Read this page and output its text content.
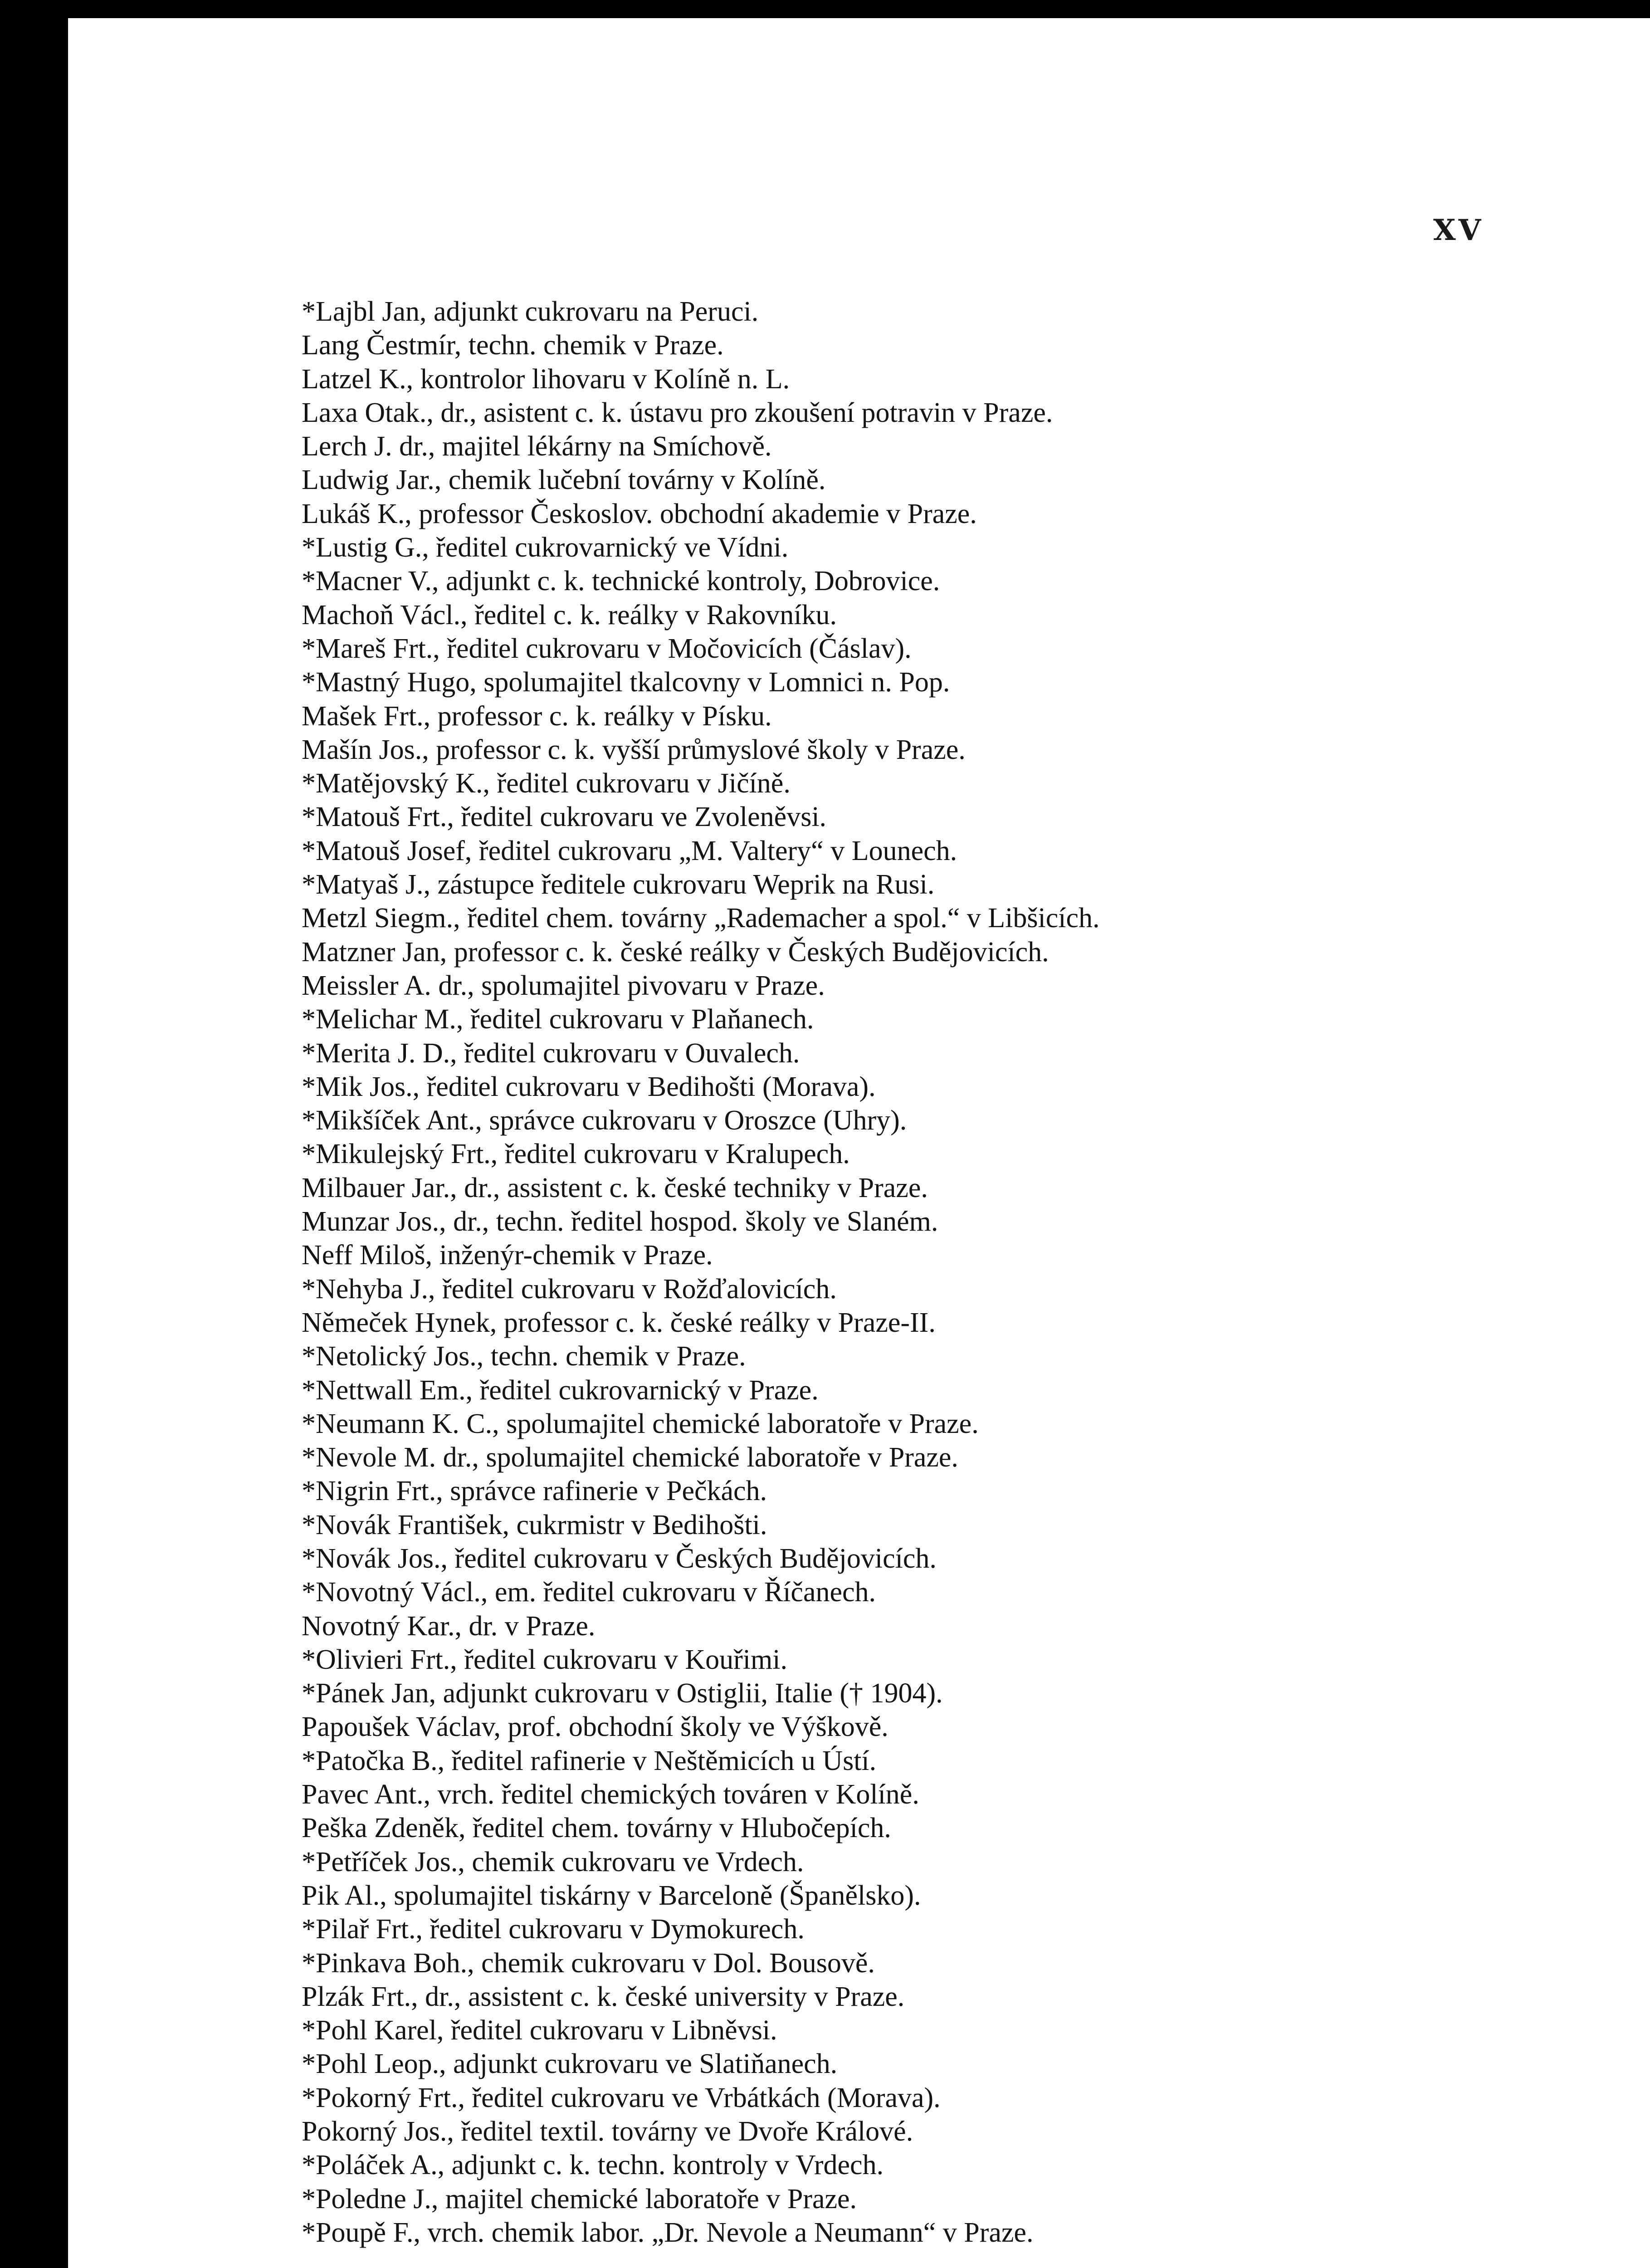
XV
*Lajbl Jan, adjunkt cukrovaru na Peruci.
Lang Čestmír, techn. chemik v Praze.
Latzel K., kontrolor lihovaru v Kolíně n. L.
Laxa Otak., dr., asistent c. k. ústavu pro zkoušení potravin v Praze.
Lerch J. dr., majitel lékárny na Smíchově.
Ludwig Jar., chemik lučební továrny v Kolíně.
Lukáš K., professor Českoslov. obchodní akademie v Praze.
*Lustig G., ředitel cukrovarnický ve Vídni.
*Macner V., adjunkt c. k. technické kontroly, Dobrovice.
Machoň Václ., ředitel c. k. reálky v Rakovníku.
*Mareš Frt., ředitel cukrovaru v Močovicích (Čáslav).
*Mastný Hugo, spolumajitel tkalcovny v Lomnici n. Pop.
Mašek Frt., professor c. k. reálky v Písku.
Mašín Jos., professor c. k. vyšší průmyslové školy v Praze.
*Matějovský K., ředitel cukrovaru v Jičíně.
*Matouš Frt., ředitel cukrovaru ve Zvoleněvsi.
*Matouš Josef, ředitel cukrovaru „M. Valtery“ v Lounech.
*Matyaš J., zástupce ředitele cukrovaru Weprik na Rusi.
Metzl Siegm., ředitel chem. továrny „Rademacher a spol.“ v Libšicích.
Matzner Jan, professor c. k. české reálky v Českých Budějovicích.
Meissler A. dr., spolumajitel pivovaru v Praze.
*Melichar M., ředitel cukrovaru v Plaňanech.
*Merita J. D., ředitel cukrovaru v Ouvalech.
*Mik Jos., ředitel cukrovaru v Bedihošti (Morava).
*Mikšíček Ant., správce cukrovaru v Oroszce (Uhry).
*Mikulejský Frt., ředitel cukrovaru v Kralupech.
Milbauer Jar., dr., assistent c. k. české techniky v Praze.
Munzar Jos., dr., techn. ředitel hospod. školy ve Slaném.
Neff Miloš, inženýr-chemik v Praze.
*Nehyba J., ředitel cukrovaru v Rožďalovicích.
Němeček Hynek, professor c. k. české reálky v Praze-II.
*Netolický Jos., techn. chemik v Praze.
*Nettwall Em., ředitel cukrovarnický v Praze.
*Neumann K. C., spolumajitel chemické laboratoře v Praze.
*Nevole M. dr., spolumajitel chemické laboratoře v Praze.
*Nigrin Frt., správce rafinerie v Pečkách.
*Novák František, cukrmistr v Bedihošti.
*Novák Jos., ředitel cukrovaru v Českých Budějovicích.
*Novotný Václ., em. ředitel cukrovaru v Říčanech.
Novotný Kar., dr. v Praze.
*Olivieri Frt., ředitel cukrovaru v Kouřimi.
*Pánek Jan, adjunkt cukrovaru v Ostiglii, Italie († 1904).
Papoušek Václav, prof. obchodní školy ve Výškově.
*Patočka B., ředitel rafinerie v Neštěmicích u Ústí.
Pavec Ant., vrch. ředitel chemických továren v Kolíně.
Peška Zdeněk, ředitel chem. továrny v Hlubočepích.
*Petříček Jos., chemik cukrovaru ve Vrdech.
Pik Al., spolumajitel tiskárny v Barceloně (Španělsko).
*Pilař Frt., ředitel cukrovaru v Dymokurech.
*Pinkava Boh., chemik cukrovaru v Dol. Bousově.
Plzák Frt., dr., assistent c. k. české university v Praze.
*Pohl Karel, ředitel cukrovaru v Libněvsi.
*Pohl Leop., adjunkt cukrovaru ve Slatiňanech.
*Pokorný Frt., ředitel cukrovaru ve Vrbátkách (Morava).
Pokorný Jos., ředitel textil. továrny ve Dvoře Králové.
*Poláček A., adjunkt c. k. techn. kontroly v Vrdech.
*Poledne J., majitel chemické laboratoře v Praze.
*Poupě F., vrch. chemik labor. „Dr. Nevole a Neumann“ v Praze.
